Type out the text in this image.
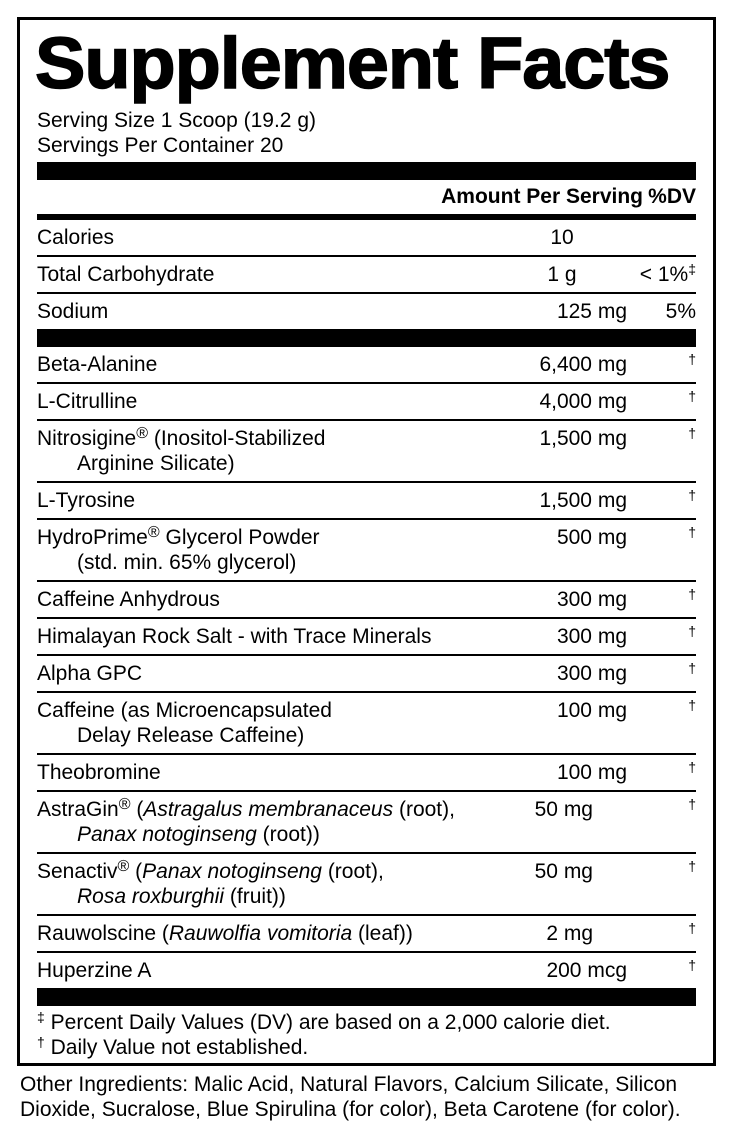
Supplement Facts
Serving Size 1 Scoop (19.2 g)
Servings Per Container 20
Amount Per Serving %DV
Calories	10
Total Carbohydrate	1 g	< 1%‡
Sodium	125 mg	5%
Beta-Alanine	6,400 mg	†
L-Citrulline	4,000 mg	†
Nitrosigine® (Inositol-Stabilized
Arginine Silicate)
1,500 mg	†
L-Tyrosine	1,500 mg	†
HydroPrime® Glycerol Powder
(std. min. 65% glycerol)
500 mg	†
Caffeine Anhydrous	300 mg	†
Himalayan Rock Salt - with Trace Minerals	300 mg	†
Alpha GPC	300 mg	†
Caffeine (as Microencapsulated
Delay Release Caffeine)
100 mg	†
Theobromine	100 mg	†
AstraGin® (Astragalus membranaceus (root),
Panax notoginseng (root))
50 mg	†
Senactiv® (Panax notoginseng (root),
Rosa roxburghii (fruit))
50 mg	†
Rauwolscine (Rauwolfia vomitoria (leaf))	2 mg	†
Huperzine A	200 mcg	†
‡ Percent Daily Values (DV) are based on a 2,000 calorie diet.
† Daily Value not established.
Other Ingredients: Malic Acid, Natural Flavors, Calcium Silicate, Silicon Dioxide, Sucralose, Blue Spirulina (for color), Beta Carotene (for color).
